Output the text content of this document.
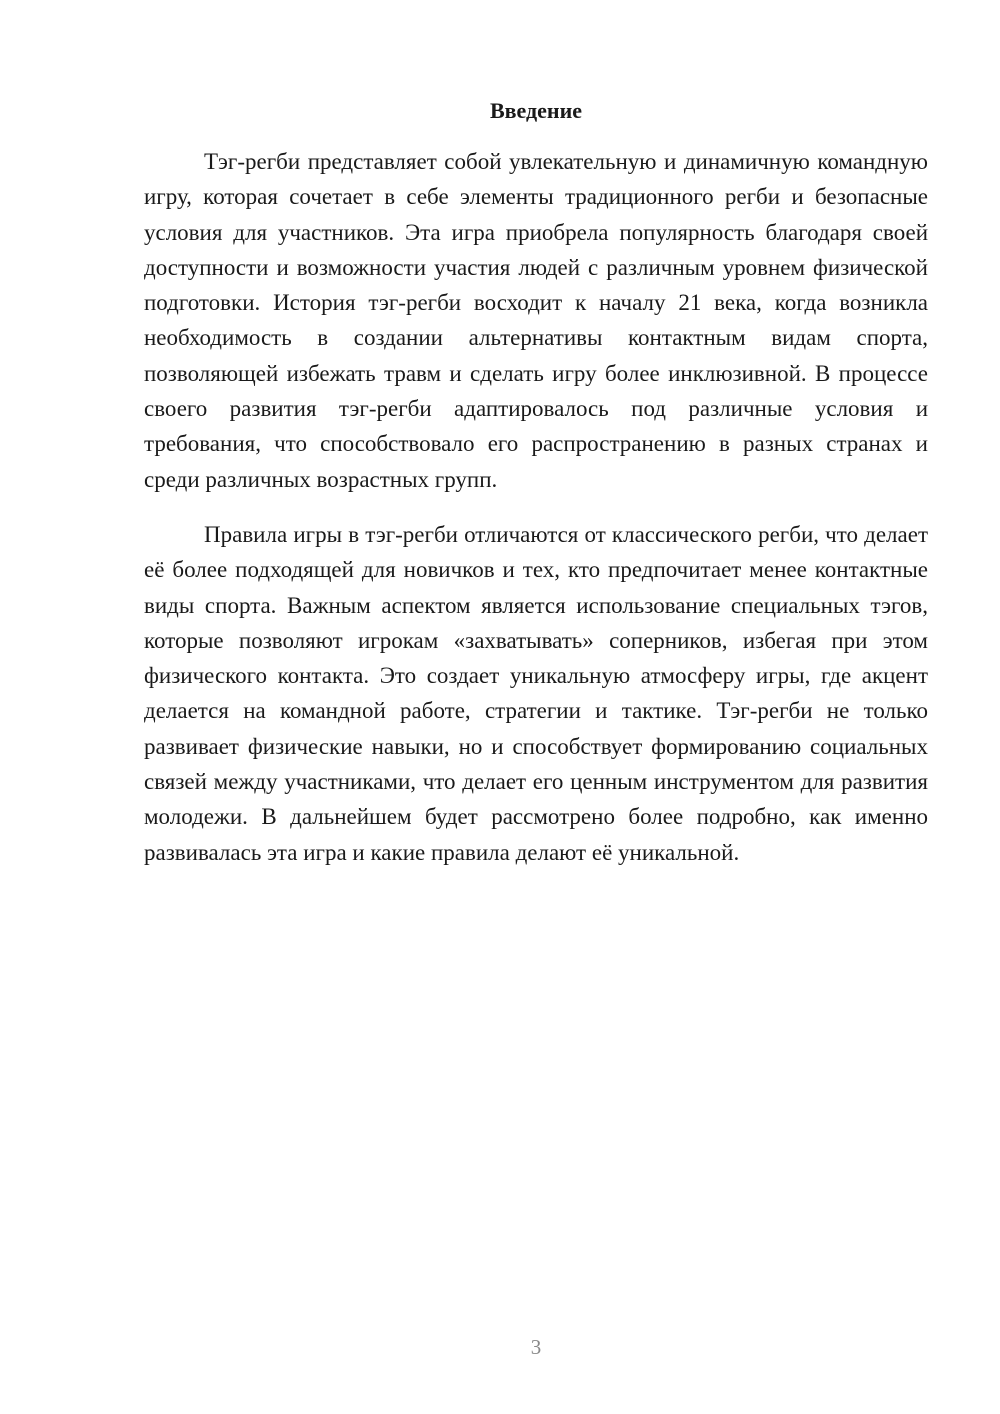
Введение

Тэг-регби представляет собой увлекательную и динамичную командную игру, которая сочетает в себе элементы традиционного регби и безопасные условия для участников. Эта игра приобрела популярность благодаря своей доступности и возможности участия людей с различным уровнем физической подготовки. История тэг-регби восходит к началу 21 века, когда возникла необходимость в создании альтернативы контактным видам спорта, позволяющей избежать травм и сделать игру более инклюзивной. В процессе своего развития тэг-регби адаптировалось под различные условия и требования, что способствовало его распространению в разных странах и среди различных возрастных групп.

Правила игры в тэг-регби отличаются от классического регби, что делает её более подходящей для новичков и тех, кто предпочитает менее контактные виды спорта. Важным аспектом является использование специальных тэгов, которые позволяют игрокам «захватывать» соперников, избегая при этом физического контакта. Это создает уникальную атмосферу игры, где акцент делается на командной работе, стратегии и тактике. Тэг-регби не только развивает физические навыки, но и способствует формированию социальных связей между участниками, что делает его ценным инструментом для развития молодежи. В дальнейшем будет рассмотрено более подробно, как именно развивалась эта игра и какие правила делают её уникальной.

3
